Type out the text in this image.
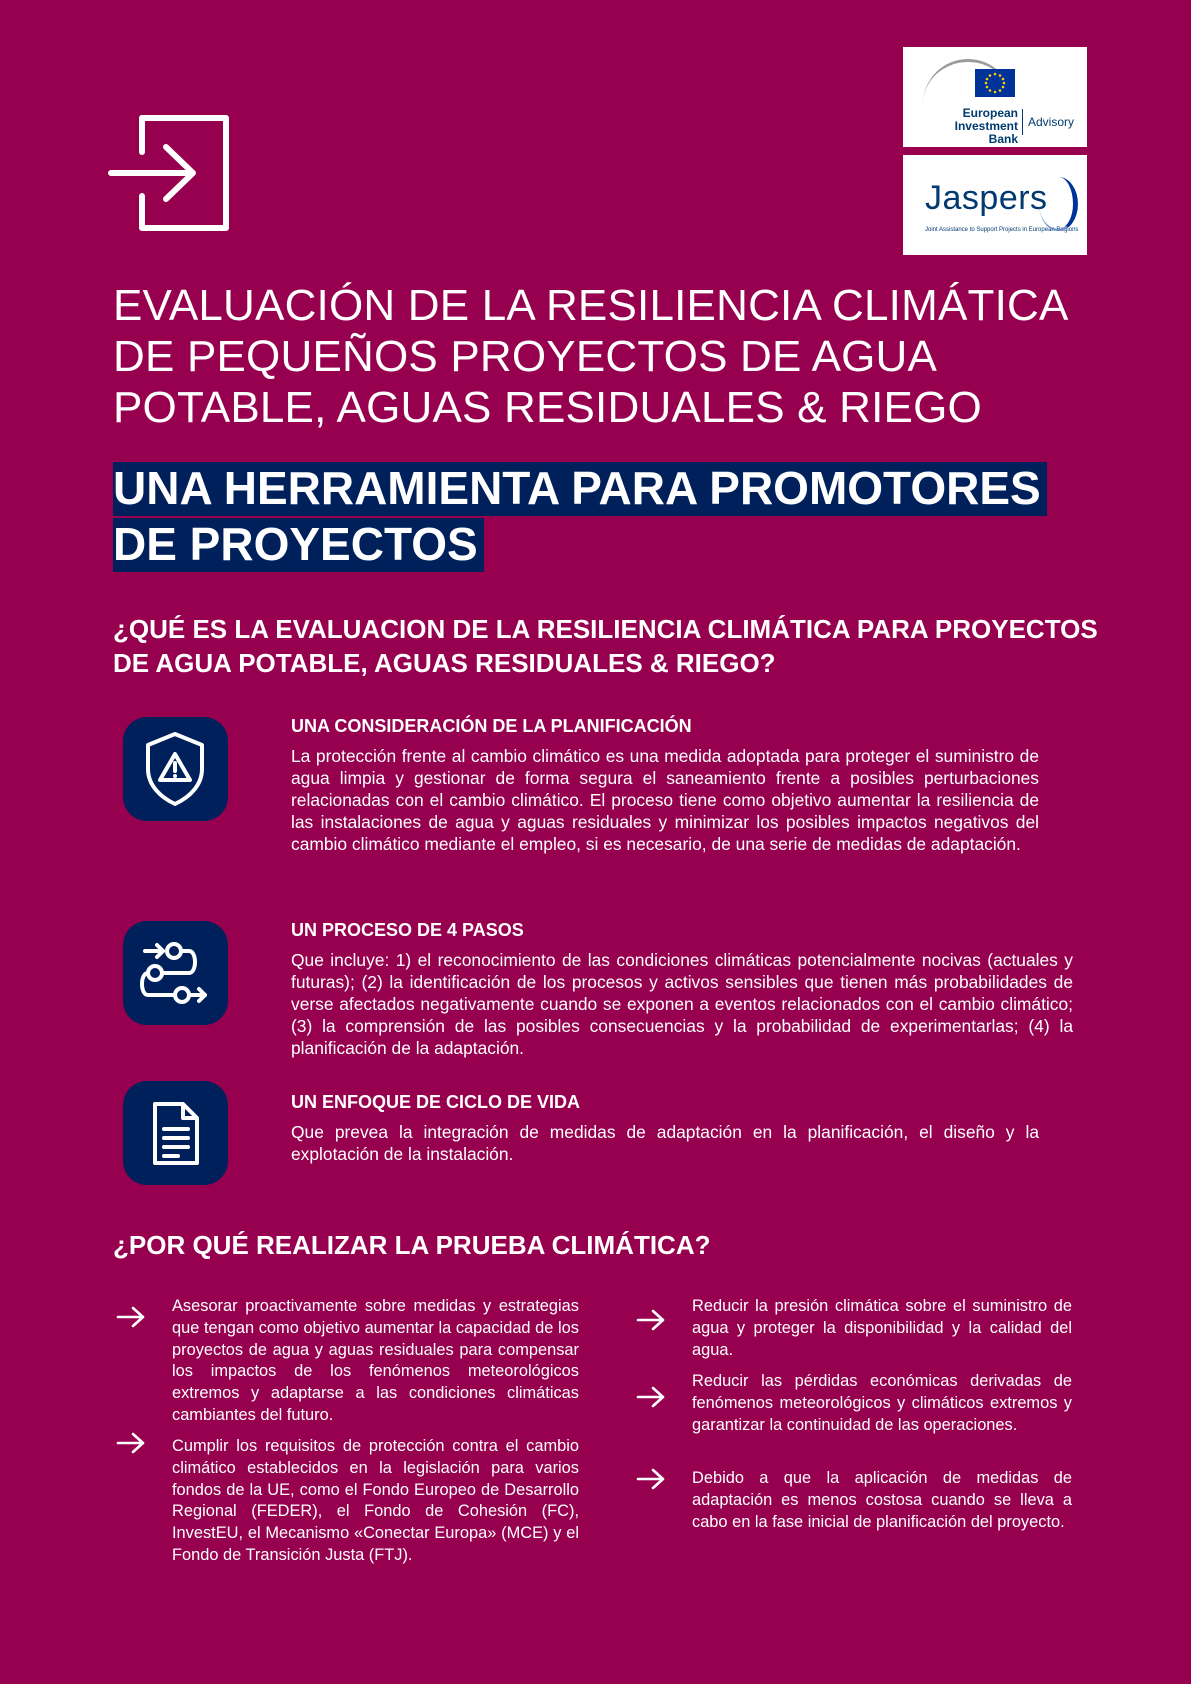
European Investment Bank
Advisory
Jaspers
Joint Assistance to Support Projects in European Regions
EVALUACIÓN DE LA RESILIENCIA CLIMÁTICA DE PEQUEÑOS PROYECTOS DE AGUA POTABLE, AGUAS RESIDUALES & RIEGO
UNA HERRAMIENTA PARA PROMOTORES DE PROYECTOS
¿QUÉ ES LA EVALUACION DE LA RESILIENCIA CLIMÁTICA PARA PROYECTOS DE AGUA POTABLE, AGUAS RESIDUALES & RIEGO?
UNA CONSIDERACIÓN DE LA PLANIFICACIÓN

La protección frente al cambio climático es una medida adoptada para proteger el suministro de agua limpia y gestionar de forma segura el saneamiento frente a posibles perturbaciones relacionadas con el cambio climático. El proceso tiene como objetivo aumentar la resiliencia de las instalaciones de agua y aguas residuales y minimizar los posibles impactos negativos del cambio climático mediante el empleo, si es necesario, de una serie de medidas de adaptación.

UN PROCESO DE 4 PASOS

Que incluye: 1) el reconocimiento de las condiciones climáticas potencialmente nocivas (actuales y futuras); (2) la identificación de los procesos y activos sensibles que tienen más probabilidades de verse afectados negativamente cuando se exponen a eventos relacionados con el cambio climático; (3) la comprensión de las posibles consecuencias y la probabilidad de experimentarlas; (4) la planificación de la adaptación.

UN ENFOQUE DE CICLO DE VIDA

Que prevea la integración de medidas de adaptación en la planificación, el diseño y la explotación de la instalación.

¿POR QUÉ REALIZAR LA PRUEBA CLIMÁTICA?

Asesorar proactivamente sobre medidas y estrategias que tengan como objetivo aumentar la capacidad de los proyectos de agua y aguas residuales para compensar los impactos de los fenómenos meteorológicos extremos y adaptarse a las condiciones climáticas cambiantes del futuro.

Cumplir los requisitos de protección contra el cambio climático establecidos en la legislación para varios fondos de la UE, como el Fondo Europeo de Desarrollo Regional (FEDER), el Fondo de Cohesión (FC), InvestEU, el Mecanismo «Conectar Europa» (MCE) y el Fondo de Transición Justa (FTJ).

Reducir la presión climática sobre el suministro de agua y proteger la disponibilidad y la calidad del agua.

Reducir las pérdidas económicas derivadas de fenómenos meteorológicos y climáticos extremos y garantizar la continuidad de las operaciones.

Debido a que la aplicación de medidas de adaptación es menos costosa cuando se lleva a cabo en la fase inicial de planificación del proyecto.
